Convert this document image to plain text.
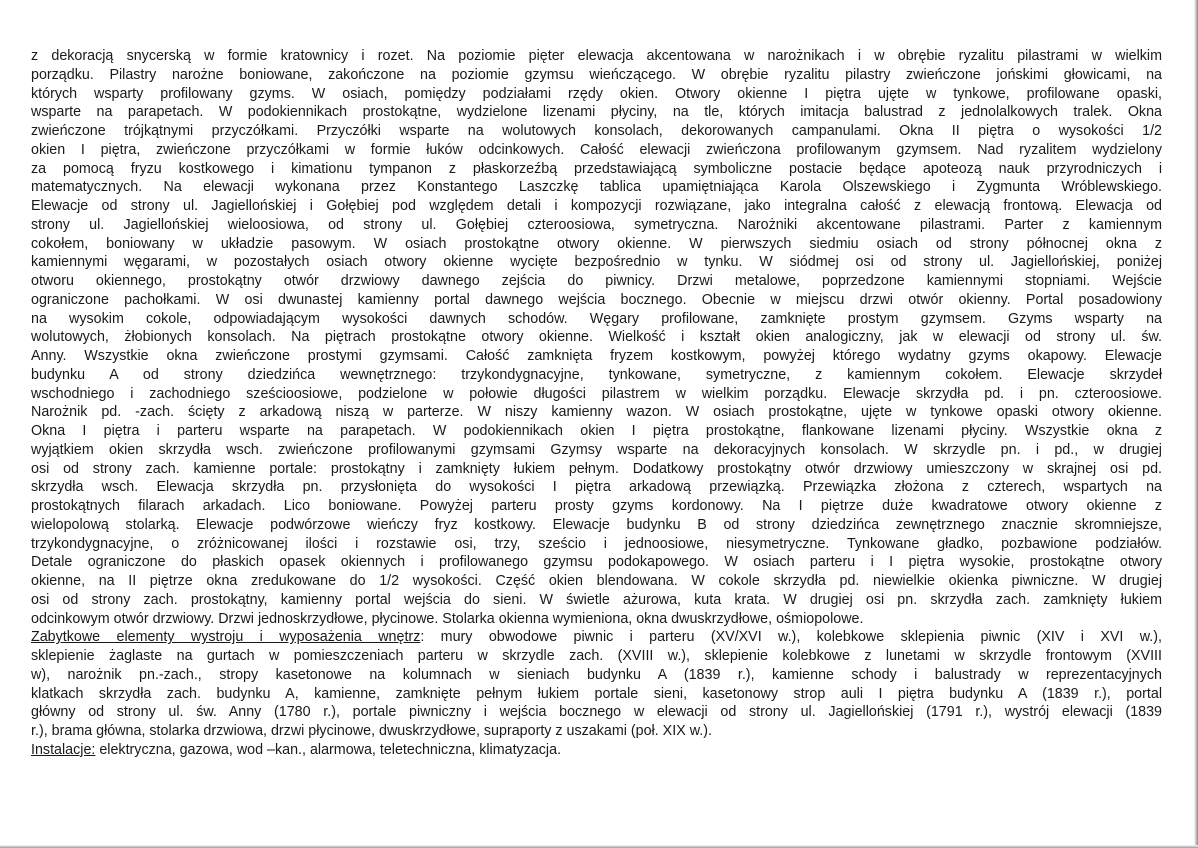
z dekoracją snycerską w formie kratownicy i rozet. Na poziomie pięter elewacja akcentowana w narożnikach i w obrębie ryzalitu pilastrami w wielkim
porządku. Pilastry narożne boniowane, zakończone na poziomie gzymsu wieńczącego. W obrębie ryzalitu pilastry zwieńczone jońskimi głowicami, na
których wsparty profilowany gzyms. W osiach, pomiędzy podziałami rzędy okien. Otwory okienne I piętra ujęte w tynkowe, profilowane opaski,
wsparte na parapetach. W podokiennikach prostokątne, wydzielone lizenami płyciny, na tle, których imitacja balustrad z jednolalkowych tralek. Okna
zwieńczone trójkątnymi przyczółkami. Przyczółki wsparte na wolutowych konsolach, dekorowanych campanulami. Okna II piętra o wysokości 1/2
okien I piętra, zwieńczone przyczółkami w formie łuków odcinkowych. Całość elewacji zwieńczona profilowanym gzymsem. Nad ryzalitem wydzielony
za pomocą fryzu kostkowego i kimationu tympanon z płaskorzeźbą przedstawiającą symboliczne postacie będące apoteozą nauk przyrodniczych i
matematycznych. Na elewacji wykonana przez Konstantego Laszczkę tablica upamiętniająca Karola Olszewskiego i Zygmunta Wróblewskiego.
Elewacje od strony ul. Jagiellońskiej i Gołębiej pod względem detali i kompozycji rozwiązane, jako integralna całość z elewacją frontową. Elewacja od
strony ul. Jagiellońskiej wieloosiowa, od strony ul. Gołębiej czteroosiowa, symetryczna. Narożniki akcentowane pilastrami. Parter z kamiennym
cokołem, boniowany w układzie pasowym. W osiach prostokątne otwory okienne. W pierwszych siedmiu osiach od strony północnej okna z
kamiennymi węgarami, w pozostałych osiach otwory okienne wycięte bezpośrednio w tynku. W siódmej osi od strony ul. Jagiellońskiej, poniżej
otworu okiennego, prostokątny otwór drzwiowy dawnego zejścia do piwnicy. Drzwi metalowe, poprzedzone kamiennymi stopniami. Wejście
ograniczone pachołkami. W osi dwunastej kamienny portal dawnego wejścia bocznego. Obecnie w miejscu drzwi otwór okienny. Portal posadowiony
na wysokim cokole, odpowiadającym wysokości dawnych schodów. Węgary profilowane, zamknięte prostym gzymsem. Gzyms wsparty na
wolutowych, żłobionych konsolach. Na piętrach prostokątne otwory okienne. Wielkość i kształt okien analogiczny, jak w elewacji od strony ul. św.
Anny. Wszystkie okna zwieńczone prostymi gzymsami. Całość zamknięta fryzem kostkowym, powyżej którego wydatny gzyms okapowy. Elewacje
budynku A od strony dziedzińca wewnętrznego: trzykondygnacyjne, tynkowane, symetryczne, z kamiennym cokołem. Elewacje skrzydeł
wschodniego i zachodniego sześcioosiowe, podzielone w połowie długości pilastrem w wielkim porządku. Elewacje skrzydła pd. i pn. czteroosiowe.
Narożnik pd. -zach. ścięty z arkadową niszą w parterze. W niszy kamienny wazon. W osiach prostokątne, ujęte w tynkowe opaski otwory okienne.
Okna I piętra i parteru wsparte na parapetach. W podokiennikach okien I piętra prostokątne, flankowane lizenami płyciny. Wszystkie okna z
wyjątkiem okien skrzydła wsch. zwieńczone profilowanymi gzymsami Gzymsy wsparte na dekoracyjnych konsolach. W skrzydle pn. i pd., w drugiej
osi od strony zach. kamienne portale: prostokątny i zamknięty łukiem pełnym. Dodatkowy prostokątny otwór drzwiowy umieszczony w skrajnej osi pd.
skrzydła wsch. Elewacja skrzydła pn. przysłonięta do wysokości I piętra arkadową przewiązką. Przewiązka złożona z czterech, wspartych na
prostokątnych filarach arkadach. Lico boniowane. Powyżej parteru prosty gzyms kordonowy. Na I piętrze duże kwadratowe otwory okienne z
wielopolową stolarką. Elewacje podwórzowe wieńczy fryz kostkowy. Elewacje budynku B od strony dziedzińca zewnętrznego znacznie skromniejsze,
trzykondygnacyjne, o zróżnicowanej ilości i rozstawie osi, trzy, sześcio i jednoosiowe, niesymetryczne. Tynkowane gładko, pozbawione podziałów.
Detale ograniczone do płaskich opasek okiennych i profilowanego gzymsu podokapowego. W osiach parteru i I piętra wysokie, prostokątne otwory
okienne, na II piętrze okna zredukowane do 1/2 wysokości. Część okien blendowana. W cokole skrzydła pd. niewielkie okienka piwniczne. W drugiej
osi od strony zach. prostokątny, kamienny portal wejścia do sieni. W świetle ażurowa, kuta krata. W drugiej osi pn. skrzydła zach. zamknięty łukiem
odcinkowym otwór drzwiowy. Drzwi jednoskrzydłowe, płycinowe. Stolarka okienna wymieniona, okna dwuskrzydłowe, ośmiopolowe.
Zabytkowe elementy wystroju i wyposażenia wnętrz: mury obwodowe piwnic i parteru (XV/XVI w.), kolebkowe sklepienia piwnic (XIV i XVI w.),
sklepienie żaglaste na gurtach w pomieszczeniach parteru w skrzydle zach. (XVIII w.), sklepienie kolebkowe z lunetami w skrzydle frontowym (XVIII
w), narożnik pn.-zach., stropy kasetonowe na kolumnach w sieniach budynku A (1839 r.), kamienne schody i balustrady w reprezentacyjnych
klatkach skrzydła zach. budynku A, kamienne, zamknięte pełnym łukiem portale sieni, kasetonowy strop auli I piętra budynku A (1839 r.), portal
główny od strony ul. św. Anny (1780 r.), portale piwniczny i wejścia bocznego w elewacji od strony ul. Jagiellońskiej (1791 r.), wystrój elewacji (1839
r.), brama główna, stolarka drzwiowa, drzwi płycinowe, dwuskrzydłowe, supraporty z uszakami (poł. XIX w.).
Instalacje: elektryczna, gazowa, wod –kan., alarmowa, teletechniczna, klimatyzacja.
